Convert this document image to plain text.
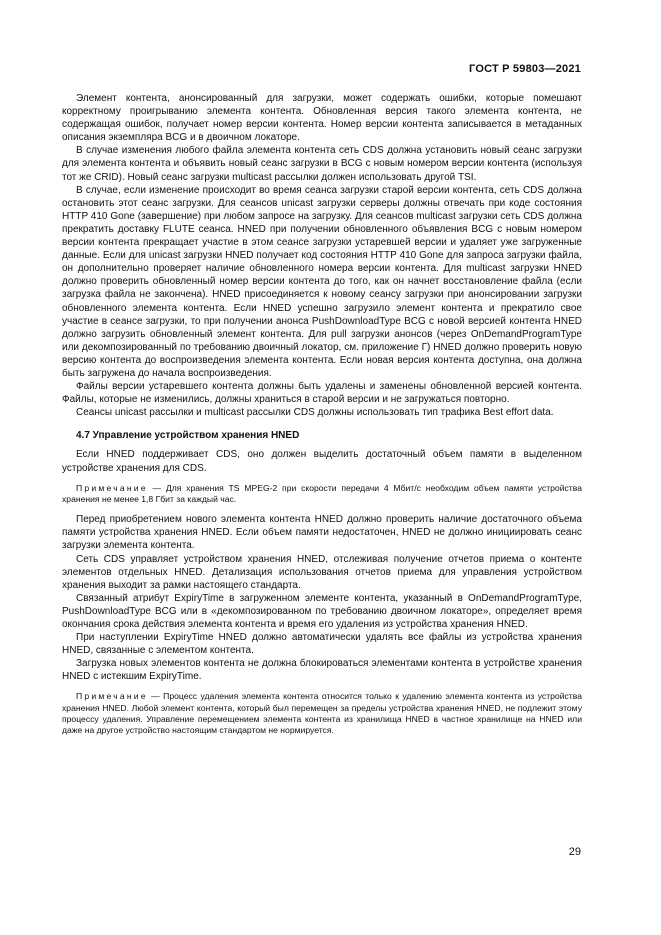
ГОСТ Р 59803—2021

Элемент контента, анонсированный для загрузки, может содержать ошибки, которые помешают корректному проигрыванию элемента контента. Обновленная версия такого элемента контента, не содержащая ошибок, получает номер версии контента. Номер версии контента записывается в метаданных описания экземпляра BCG и в двоичном локаторе.

В случае изменения любого файла элемента контента сеть CDS должна установить новый сеанс загрузки для элемента контента и объявить новый сеанс загрузки в BCG с новым номером версии контента (используя тот же CRID). Новый сеанс загрузки multicast рассылки должен использовать другой TSI.

В случае, если изменение происходит во время сеанса загрузки старой версии контента, сеть CDS должна остановить этот сеанс загрузки. Для сеансов unicast загрузки серверы должны отвечать при коде состояния HTTP 410 Gone (завершение) при любом запросе на загрузку. Для сеансов multicast загрузки сеть CDS должна прекратить доставку FLUTE сеанса. HNED при получении обновленного объявления BCG с новым номером версии контента прекращает участие в этом сеансе загрузки устаревшей версии и удаляет уже загруженные данные. Если для unicast загрузки HNED получает код состояния HTTP 410 Gone для запроса загрузки файла, он дополнительно проверяет наличие обновленного номера версии контента. Для multicast загрузки HNED должно проверить обновленный номер версии контента до того, как он начнет восстановление файла (если загрузка файла не закончена). HNED присоединяется к новому сеансу загрузки при анонсировании загрузки обновленного элемента контента. Если HNED успешно загрузило элемент контента и прекратило свое участие в сеансе загрузки, то при получении анонса PushDownloadType BCG с новой версией контента HNED должно загрузить обновленный элемент контента. Для pull загрузки анонсов (через OnDemandProgramType или декомпозированный по требованию двоичный локатор, см. приложение Г) HNED должно проверить новую версию контента до воспроизведения элемента контента. Если новая версия контента доступна, она должна быть загружена до начала воспроизведения.

Файлы версии устаревшего контента должны быть удалены и заменены обновленной версией контента. Файлы, которые не изменились, должны храниться в старой версии и не загружаться повторно.

Сеансы unicast рассылки и multicast рассылки CDS должны использовать тип трафика Best effort data.

4.7 Управление устройством хранения HNED

Если HNED поддерживает CDS, оно должен выделить достаточный объем памяти в выделенном устройстве хранения для CDS.

Примечание — Для хранения TS MPEG-2 при скорости передачи 4 Мбит/с необходим объем памяти устройства хранения не менее 1,8 Гбит за каждый час.

Перед приобретением нового элемента контента HNED должно проверить наличие достаточного объема памяти устройства хранения HNED. Если объем памяти недостаточен, HNED не должно инициировать сеанс загрузки элемента контента.

Сеть CDS управляет устройством хранения HNED, отслеживая получение отчетов приема о контенте элементов отдельных HNED. Детализация использования отчетов приема для управления устройством хранения выходит за рамки настоящего стандарта.

Связанный атрибут ExpiryTime в загруженном элементе контента, указанный в OnDemandProgramType, PushDownloadType BCG или в «декомпозированном по требованию двоичном локаторе», определяет время окончания срока действия элемента контента и время его удаления из устройства хранения HNED.

При наступлении ExpiryTime HNED должно автоматически удалять все файлы из устройства хранения HNED, связанные с элементом контента.

Загрузка новых элементов контента не должна блокироваться элементами контента в устройстве хранения HNED с истекшим ExpiryTime.

Примечание — Процесс удаления элемента контента относится только к удалению элемента контента из устройства хранения HNED. Любой элемент контента, который был перемещен за пределы устройства хранения HNED, не подлежит этому процессу удаления. Управление перемещением элемента контента из хранилища HNED в частное хранилище на HNED или даже на другое устройство настоящим стандартом не нормируется.

29
